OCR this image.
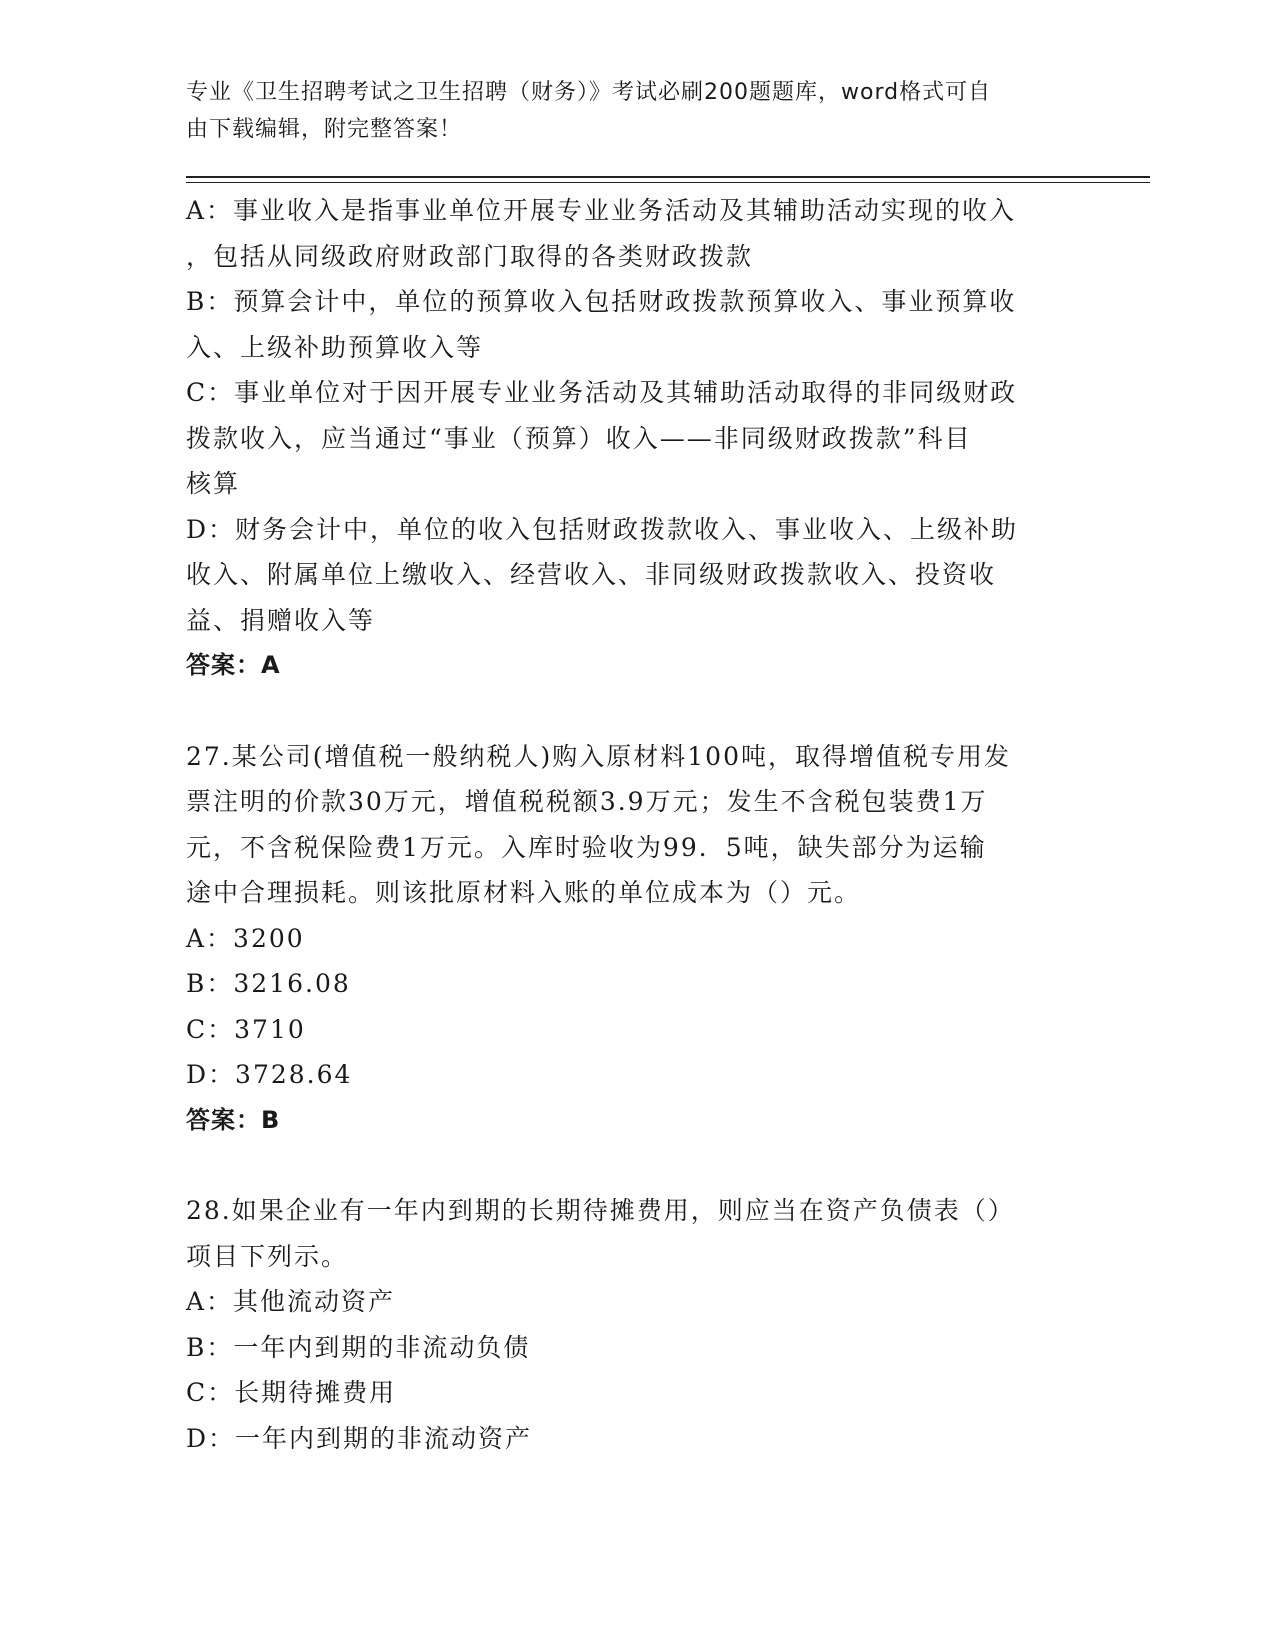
专业《卫生招聘考试之卫生招聘（财务）》考试必刷200题题库，word格式可自
由下载编辑，附完整答案！

A：事业收入是指事业单位开展专业业务活动及其辅助活动实现的收入

，包括从同级政府财政部门取得的各类财政拨款

B：预算会计中，单位的预算收入包括财政拨款预算收入、事业预算收

入、上级补助预算收入等

C：事业单位对于因开展专业业务活动及其辅助活动取得的非同级财政

拨款收入，应当通过“事业（预算）收入——非同级财政拨款”科目

核算

D：财务会计中，单位的收入包括财政拨款收入、事业收入、上级补助

收入、附属单位上缴收入、经营收入、非同级财政拨款收入、投资收

益、捐赠收入等

答案：A

27.某公司(增值税一般纳税人)购入原材料100吨，取得增值税专用发

票注明的价款30万元，增值税税额3.9万元；发生不含税包装费1万

元，不含税保险费1万元。入库时验收为99．5吨，缺失部分为运输

途中合理损耗。则该批原材料入账的单位成本为（）元。

A：3200

B：3216.08

C：3710

D：3728.64

答案：B

28.如果企业有一年内到期的长期待摊费用，则应当在资产负债表（）

项目下列示。

A：其他流动资产

B：一年内到期的非流动负债

C：长期待摊费用

D：一年内到期的非流动资产
